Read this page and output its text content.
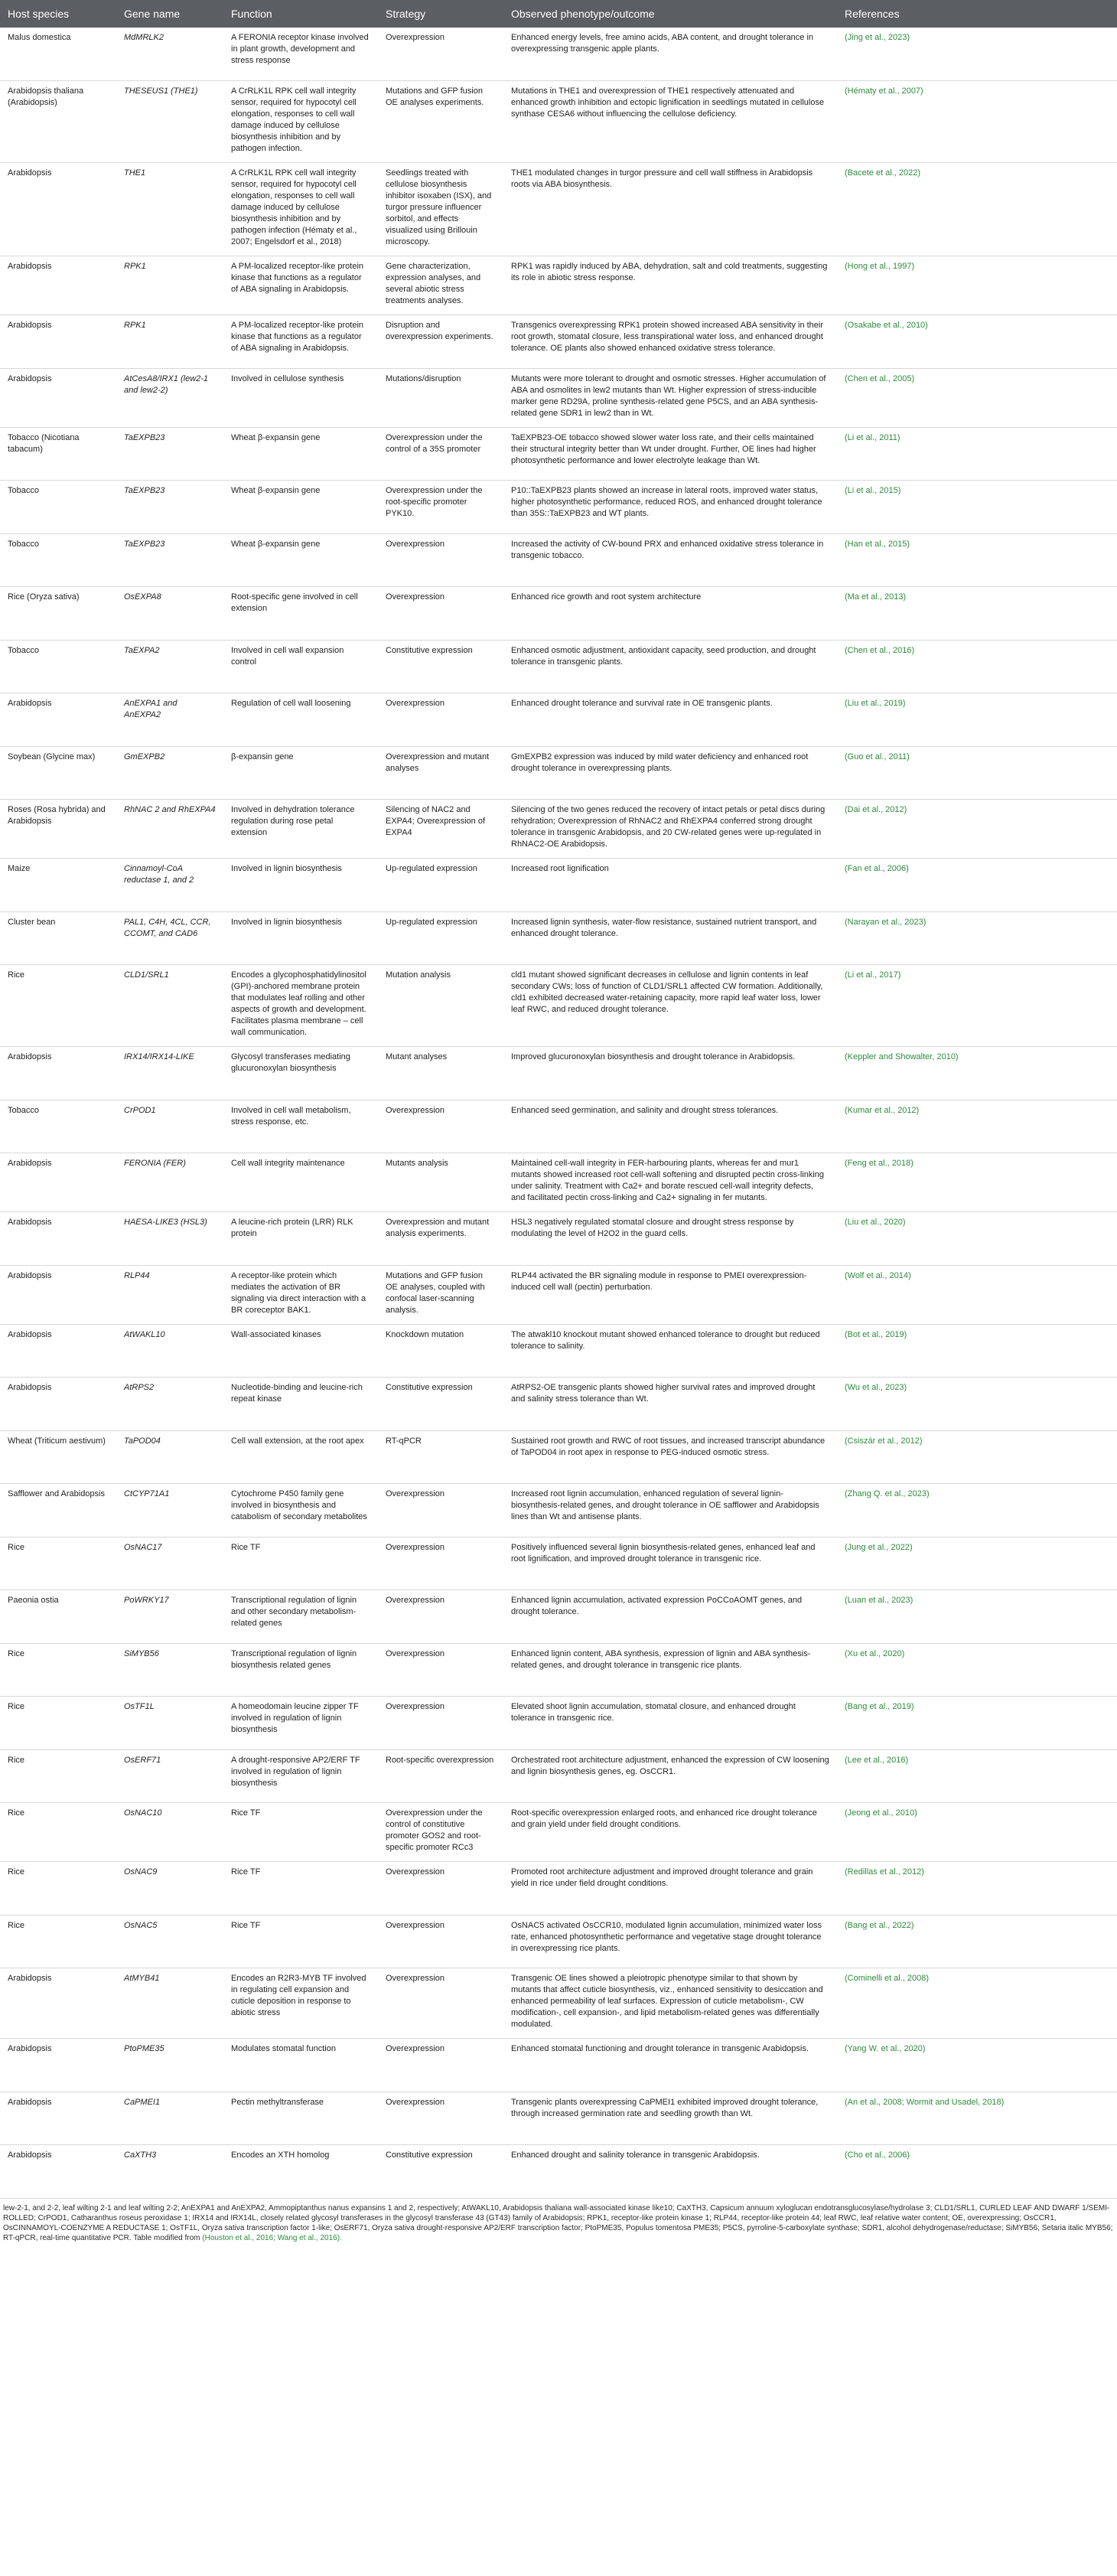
Host species	Gene name	Function	Strategy	Observed phenotype/outcome	References
Malus domestica	MdMRLK2	A FERONIA receptor kinase involved in plant growth, development and stress response	Overexpression	Enhanced energy levels, free amino acids, ABA content, and drought tolerance in overexpressing transgenic apple plants.	(Jing et al., 2023)
Arabidopsis thaliana (Arabidopsis)	THESEUS1 (THE1)	A CrRLK1L RPK cell wall integrity sensor, required for hypocotyl cell elongation, responses to cell wall damage induced by cellulose biosynthesis inhibition and by pathogen infection.	Mutations and GFP fusion OE analyses experiments.	Mutations in THE1 and overexpression of THE1 respectively attenuated and enhanced growth inhibition and ectopic lignification in seedlings mutated in cellulose synthase CESA6 without influencing the cellulose deficiency.	(Hématy et al., 2007)
Arabidopsis	THE1	A CrRLK1L RPK cell wall integrity sensor, required for hypocotyl cell elongation, responses to cell wall damage induced by cellulose biosynthesis inhibition and by pathogen infection (Hématy et al., 2007; Engelsdorf et al., 2018)	Seedlings treated with cellulose biosynthesis inhibitor isoxaben (ISX), and turgor pressure influencer sorbitol, and effects visualized using Brillouin microscopy.	THE1 modulated changes in turgor pressure and cell wall stiffness in Arabidopsis roots via ABA biosynthesis.	(Bacete et al., 2022)
Arabidopsis	RPK1	A PM-localized receptor-like protein kinase that functions as a regulator of ABA signaling in Arabidopsis.	Gene characterization, expression analyses, and several abiotic stress treatments analyses.	RPK1 was rapidly induced by ABA, dehydration, salt and cold treatments, suggesting its role in abiotic stress response.	(Hong et al., 1997)
Arabidopsis	RPK1	A PM-localized receptor-like protein kinase that functions as a regulator of ABA signaling in Arabidopsis.	Disruption and overexpression experiments.	Transgenics overexpressing RPK1 protein showed increased ABA sensitivity in their root growth, stomatal closure, less transpirational water loss, and enhanced drought tolerance. OE plants also showed enhanced oxidative stress tolerance.	(Osakabe et al., 2010)
Arabidopsis	AtCesA8/IRX1 (lew2-1 and lew2-2)	Involved in cellulose synthesis	Mutations/disruption	Mutants were more tolerant to drought and osmotic stresses. Higher accumulation of ABA and osmolites in lew2 mutants than Wt. Higher expression of stress-inducible marker gene RD29A, proline synthesis-related gene P5CS, and an ABA synthesis-related gene SDR1 in lew2 than in Wt.	(Chen et al., 2005)
Tobacco (Nicotiana tabacum)	TaEXPB23	Wheat β-expansin gene	Overexpression under the control of a 35S promoter	TaEXPB23-OE tobacco showed slower water loss rate, and their cells maintained their structural integrity better than Wt under drought. Further, OE lines had higher photosynthetic performance and lower electrolyte leakage than Wt.	(Li et al., 2011)
Tobacco	TaEXPB23	Wheat β-expansin gene	Overexpression under the root-specific promoter PYK10.	P10::TaEXPB23 plants showed an increase in lateral roots, improved water status, higher photosynthetic performance, reduced ROS, and enhanced drought tolerance than 35S::TaEXPB23 and WT plants.	(Li et al., 2015)
Tobacco	TaEXPB23	Wheat β-expansin gene	Overexpression	Increased the activity of CW-bound PRX and enhanced oxidative stress tolerance in transgenic tobacco.	(Han et al., 2015)
Rice (Oryza sativa)	OsEXPA8	Root-specific gene involved in cell extension	Overexpression	Enhanced rice growth and root system architecture	(Ma et al., 2013)
Tobacco	TaEXPA2	Involved in cell wall expansion control	Constitutive expression	Enhanced osmotic adjustment, antioxidant capacity, seed production, and drought tolerance in transgenic plants.	(Chen et al., 2016)
Arabidopsis	AnEXPA1 and AnEXPA2	Regulation of cell wall loosening	Overexpression	Enhanced drought tolerance and survival rate in OE transgenic plants.	(Liu et al., 2019)
Soybean (Glycine max)	GmEXPB2	β-expansin gene	Overexpression and mutant analyses	GmEXPB2 expression was induced by mild water deficiency and enhanced root drought tolerance in overexpressing plants.	(Guo et al., 2011)
Roses (Rosa hybrida) and Arabidopsis	RhNAC 2 and RhEXPA4	Involved in dehydration tolerance regulation during rose petal extension	Silencing of NAC2 and EXPA4; Overexpression of EXPA4	Silencing of the two genes reduced the recovery of intact petals or petal discs during rehydration; Overexpression of RhNAC2 and RhEXPA4 conferred strong drought tolerance in transgenic Arabidopsis, and 20 CW-related genes were up-regulated in RhNAC2-OE Arabidopsis.	(Dai et al., 2012)
Maize	Cinnamoyl-CoA reductase 1, and 2	Involved in lignin biosynthesis	Up-regulated expression	Increased root lignification	(Fan et al., 2006)
Cluster bean	PAL1, C4H, 4CL, CCR, CCOMT, and CAD6	Involved in lignin biosynthesis	Up-regulated expression	Increased lignin synthesis, water-flow resistance, sustained nutrient transport, and enhanced drought tolerance.	(Narayan et al., 2023)
Rice	CLD1/SRL1	Encodes a glycophosphatidylinositol (GPI)-anchored membrane protein that modulates leaf rolling and other aspects of growth and development. Facilitates plasma membrane – cell wall communication.	Mutation analysis	cld1 mutant showed significant decreases in cellulose and lignin contents in leaf secondary CWs; loss of function of CLD1/SRL1 affected CW formation. Additionally, cld1 exhibited decreased water-retaining capacity, more rapid leaf water loss, lower leaf RWC, and reduced drought tolerance.	(Li et al., 2017)
Arabidopsis	IRX14/IRX14-LIKE	Glycosyl transferases mediating glucuronoxylan biosynthesis	Mutant analyses	Improved glucuronoxylan biosynthesis and drought tolerance in Arabidopsis.	(Keppler and Showalter, 2010)
Tobacco	CrPOD1	Involved in cell wall metabolism, stress response, etc.	Overexpression	Enhanced seed germination, and salinity and drought stress tolerances.	(Kumar et al., 2012)
Arabidopsis	FERONIA (FER)	Cell wall integrity maintenance	Mutants analysis	Maintained cell-wall integrity in FER-harbouring plants, whereas fer and mur1 mutants showed increased root cell-wall softening and disrupted pectin cross-linking under salinity. Treatment with Ca2+ and borate rescued cell-wall integrity defects, and facilitated pectin cross-linking and Ca2+ signaling in fer mutants.	(Feng et al., 2018)
Arabidopsis	HAESA-LIKE3 (HSL3)	A leucine-rich protein (LRR) RLK protein	Overexpression and mutant analysis experiments.	HSL3 negatively regulated stomatal closure and drought stress response by modulating the level of H2O2 in the guard cells.	(Liu et al., 2020)
Arabidopsis	RLP44	A receptor-like protein which mediates the activation of BR signaling via direct interaction with a BR coreceptor BAK1.	Mutations and GFP fusion OE analyses, coupled with confocal laser-scanning analysis.	RLP44 activated the BR signaling module in response to PMEI overexpression-induced cell wall (pectin) perturbation.	(Wolf et al., 2014)
Arabidopsis	AtWAKL10	Wall-associated kinases	Knockdown mutation	The atwakl10 knockout mutant showed enhanced tolerance to drought but reduced tolerance to salinity.	(Bot et al., 2019)
Arabidopsis	AtRPS2	Nucleotide-binding and leucine-rich repeat kinase	Constitutive expression	AtRPS2-OE transgenic plants showed higher survival rates and improved drought and salinity stress tolerance than Wt.	(Wu et al., 2023)
Wheat (Triticum aestivum)	TaPOD04	Cell wall extension, at the root apex	RT-qPCR	Sustained root growth and RWC of root tissues, and increased transcript abundance of TaPOD04 in root apex in response to PEG-induced osmotic stress.	(Csiszár et al., 2012)
Safflower and Arabidopsis	CtCYP71A1	Cytochrome P450 family gene involved in biosynthesis and catabolism of secondary metabolites	Overexpression	Increased root lignin accumulation, enhanced regulation of several lignin-biosynthesis-related genes, and drought tolerance in OE safflower and Arabidopsis lines than Wt and antisense plants.	(Zhang Q. et al., 2023)
Rice	OsNAC17	Rice TF	Overexpression	Positively influenced several lignin biosynthesis-related genes, enhanced leaf and root lignification, and improved drought tolerance in transgenic rice.	(Jung et al., 2022)
Paeonia ostia	PoWRKY17	Transcriptional regulation of lignin and other secondary metabolism-related genes	Overexpression	Enhanced lignin accumulation, activated expression PoCCoAOMT genes, and drought tolerance.	(Luan et al., 2023)
Rice	SiMYB56	Transcriptional regulation of lignin biosynthesis related genes	Overexpression	Enhanced lignin content, ABA synthesis, expression of lignin and ABA synthesis-related genes, and drought tolerance in transgenic rice plants.	(Xu et al., 2020)
Rice	OsTF1L	A homeodomain leucine zipper TF involved in regulation of lignin biosynthesis	Overexpression	Elevated shoot lignin accumulation, stomatal closure, and enhanced drought tolerance in transgenic rice.	(Bang et al., 2019)
Rice	OsERF71	A drought-responsive AP2/ERF TF involved in regulation of lignin biosynthesis	Root-specific overexpression	Orchestrated root architecture adjustment, enhanced the expression of CW loosening and lignin biosynthesis genes, eg. OsCCR1.	(Lee et al., 2016)
Rice	OsNAC10	Rice TF	Overexpression under the control of constitutive promoter GOS2 and root-specific promoter RCc3	Root-specific overexpression enlarged roots, and enhanced rice drought tolerance and grain yield under field drought conditions.	(Jeong et al., 2010)
Rice	OsNAC9	Rice TF	Overexpression	Promoted root architecture adjustment and improved drought tolerance and grain yield in rice under field drought conditions.	(Redillas et al., 2012)
Rice	OsNAC5	Rice TF	Overexpression	OsNAC5 activated OsCCR10, modulated lignin accumulation, minimized water loss rate, enhanced photosynthetic performance and vegetative stage drought tolerance in overexpressing rice plants.	(Bang et al., 2022)
Arabidopsis	AtMYB41	Encodes an R2R3-MYB TF involved in regulating cell expansion and cuticle deposition in response to abiotic stress	Overexpression	Transgenic OE lines showed a pleiotropic phenotype similar to that shown by mutants that affect cuticle biosynthesis, viz., enhanced sensitivity to desiccation and enhanced permeability of leaf surfaces. Expression of cuticle metabolism-, CW modification-, cell expansion-, and lipid metabolism-related genes was differentially modulated.	(Cominelli et al., 2008)
Arabidopsis	PtoPME35	Modulates stomatal function	Overexpression	Enhanced stomatal functioning and drought tolerance in transgenic Arabidopsis.	(Yang W. et al., 2020)
Arabidopsis	CaPMEI1	Pectin methyltransferase	Overexpression	Transgenic plants overexpressing CaPMEI1 exhibited improved drought tolerance, through increased germination rate and seedling growth than Wt.	(An et al., 2008; Wormit and Usadel, 2018)
Arabidopsis	CaXTH3	Encodes an XTH homolog	Constitutive expression	Enhanced drought and salinity tolerance in transgenic Arabidopsis.	(Cho et al., 2006)
lew-2-1, and 2-2, leaf wilting 2-1 and leaf wilting 2-2; AnEXPA1 and AnEXPA2, Ammopiptanthus nanus expansins 1 and 2, respectively; AtWAKL10, Arabidopsis thaliana wall-associated kinase like10; CaXTH3, Capsicum annuum xyloglucan endotransglucosylase/hydrolase 3; CLD1/SRL1, CURLED LEAF AND DWARF 1/SEMI-ROLLED; CrPOD1, Catharanthus roseus peroxidase 1; IRX14 and IRX14L, closely related glycosyl transferases in the glycosyl transferase 43 (GT43) family of Arabidopsis; RPK1, receptor-like protein kinase 1; RLP44, receptor-like protein 44; leaf RWC, leaf relative water content; OE, overexpressing; OsCCR1, OsCINNAMOYL-COENZYME A REDUCTASE 1; OsTF1L, Oryza sativa transcription factor 1-like; OsERF71, Oryza sativa drought-responsive AP2/ERF transcription factor; PtoPME35, Populus tomentosa PME35; P5CS, pyrroline-5-carboxylate synthase; SDR1, alcohol dehydrogenase/reductase; SiMYB56; Setaria italic MYB56; RT-qPCR, real-time quantitative PCR. Table modified from (Houston et al., 2016; Wang et al., 2016).
